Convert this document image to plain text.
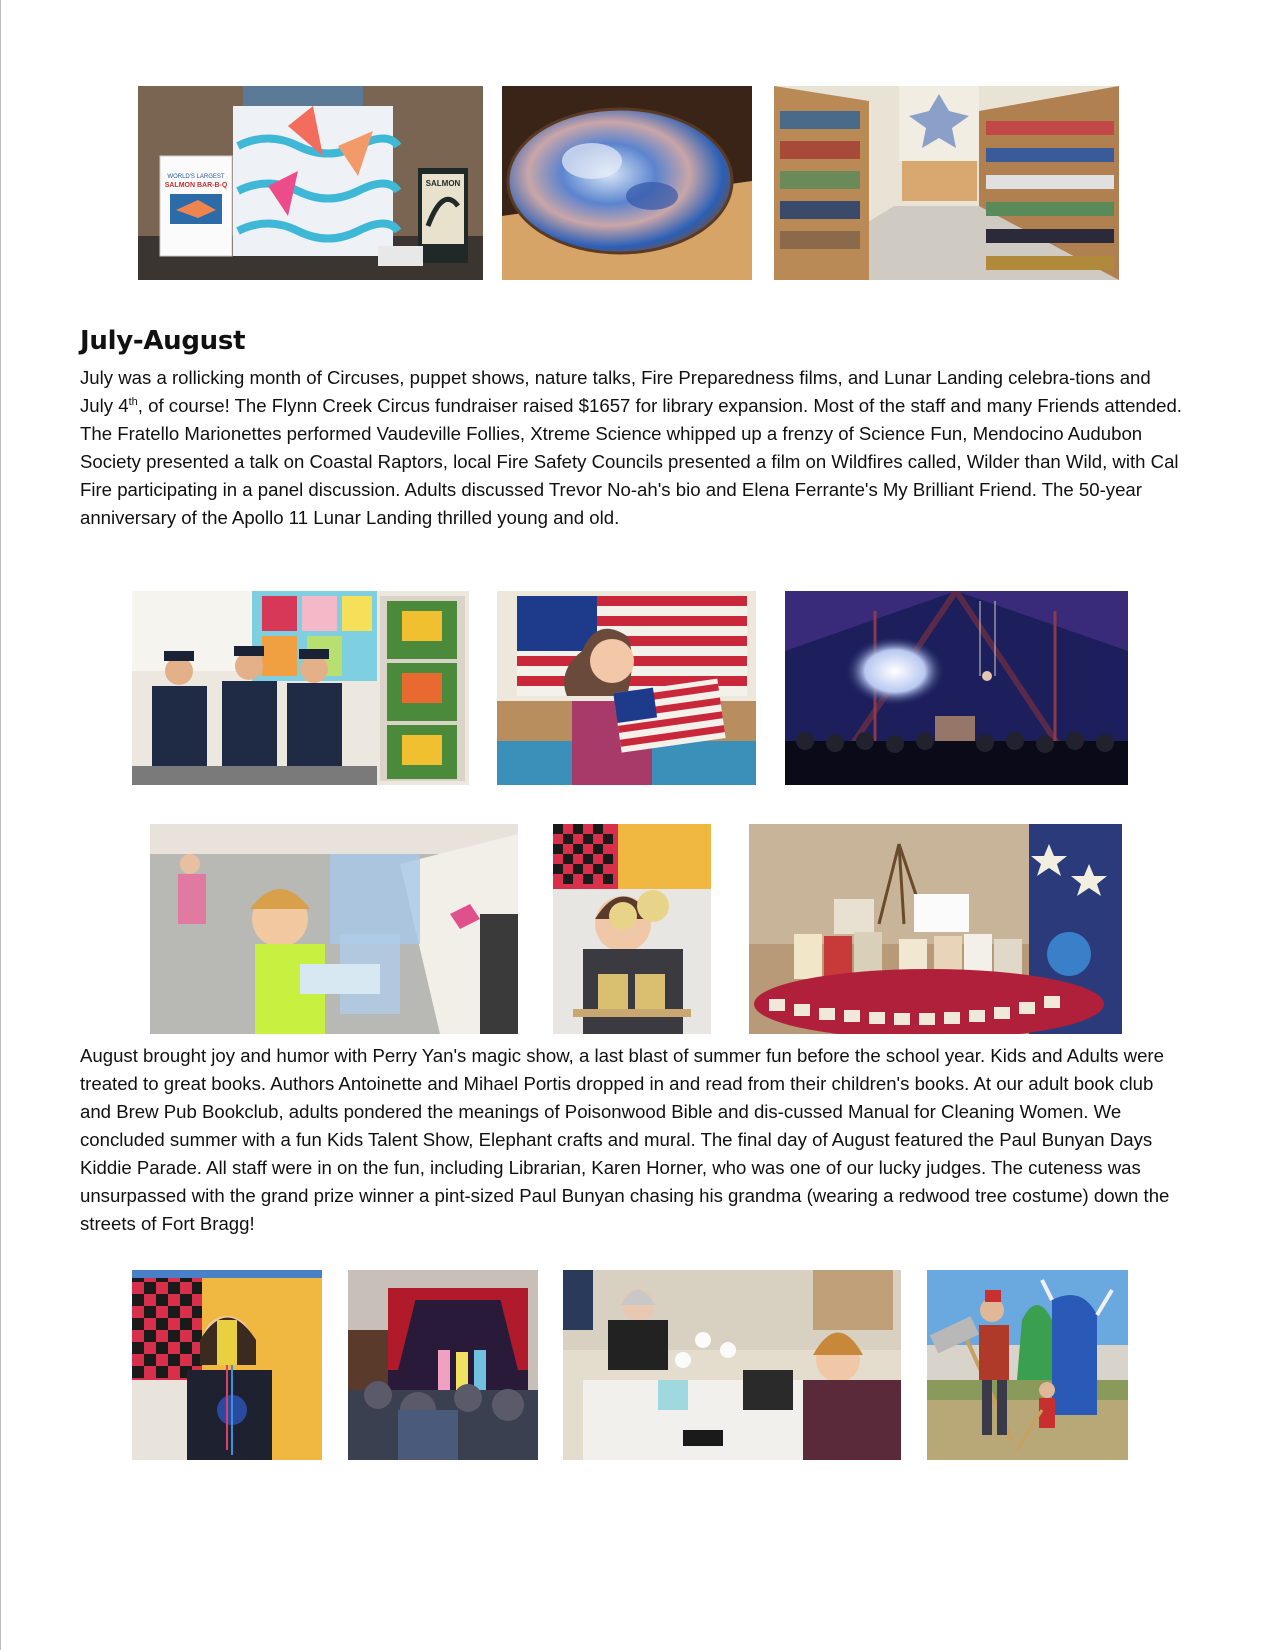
WORLD'S LARGEST
SALMON BAR-B-Q	SALMON
July-August

July was a rollicking month of Circuses, puppet shows, nature talks, Fire Preparedness films, and Lunar Landing celebra-tions and July 4th, of course! The Flynn Creek Circus fundraiser raised $1657 for library expansion. Most of the staff and many Friends attended. The Fratello Marionettes performed Vaudeville Follies, Xtreme Science whipped up a frenzy of Science Fun, Mendocino Audubon Society presented a talk on Coastal Raptors, local Fire Safety Councils presented a film on Wildfires called, Wilder than Wild, with Cal Fire participating in a panel discussion. Adults discussed Trevor No-ah's bio and Elena Ferrante's My Brilliant Friend. The 50-year anniversary of the Apollo 11 Lunar Landing thrilled young and old.

August brought joy and humor with Perry Yan's magic show, a last blast of summer fun before the school year. Kids and Adults were treated to great books. Authors Antoinette and Mihael Portis dropped in and read from their children's books. At our adult book club and Brew Pub Bookclub, adults pondered the meanings of Poisonwood Bible and dis-cussed Manual for Cleaning Women. We concluded summer with a fun Kids Talent Show, Elephant crafts and mural. The final day of August featured the Paul Bunyan Days Kiddie Parade. All staff were in on the fun, including Librarian, Karen Horner, who was one of our lucky judges. The cuteness was unsurpassed with the grand prize winner a pint-sized Paul Bunyan chasing his grandma (wearing a redwood tree costume) down the streets of Fort Bragg!
